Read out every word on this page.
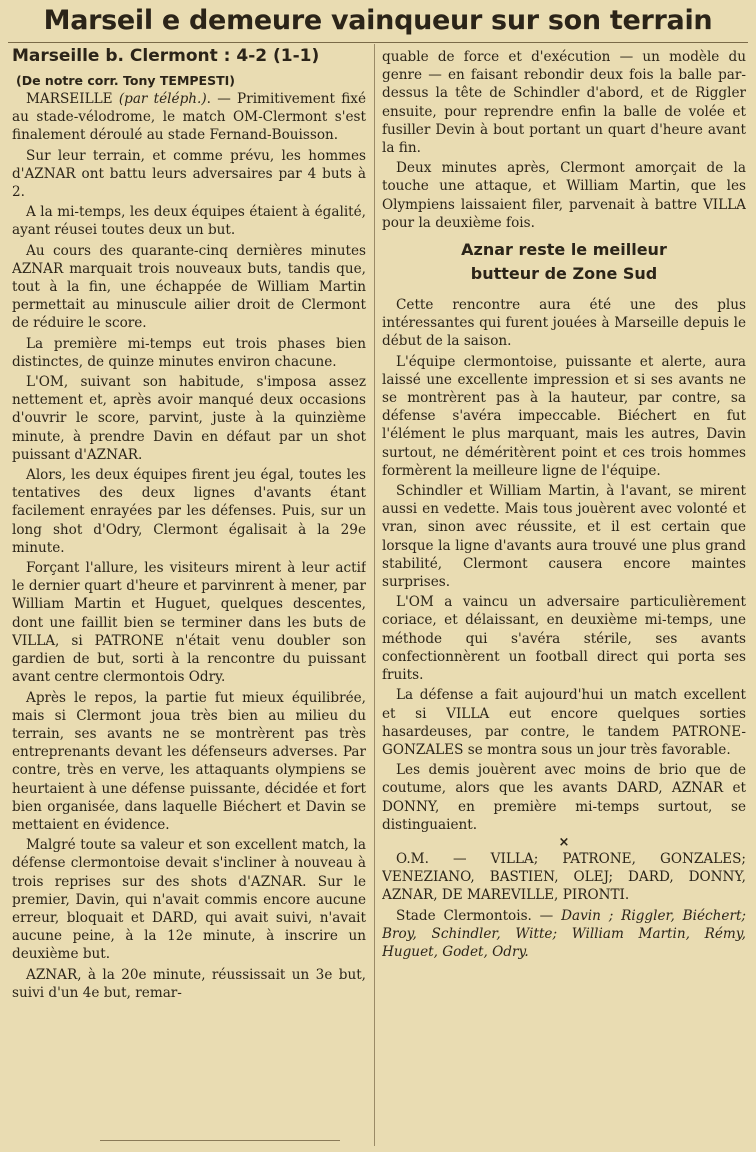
Marseil e demeure vainqueur sur son terrain
Marseille b. Clermont : 4-2 (1-1)
(De notre corr. Tony TEMPESTI)

MARSEILLE (par téléph.). — Primitivement fixé au stade-vélodrome, le match OM-Clermont s'est finalement déroulé au stade Fernand-Bouisson.

Sur leur terrain, et comme prévu, les hommes d'AZNAR ont battu leurs adversaires par 4 buts à 2.

A la mi-temps, les deux équipes étaient à égalité, ayant réusei toutes deux un but.

Au cours des quarante-cinq dernières minutes AZNAR marquait trois nouveaux buts, tandis que, tout à la fin, une échappée de William Martin permettait au minuscule ailier droit de Clermont de réduire le score.

La première mi-temps eut trois phases bien distinctes, de quinze minutes environ chacune.

L'OM, suivant son habitude, s'imposa assez nettement et, après avoir manqué deux occasions d'ouvrir le score, parvint, juste à la quinzième minute, à prendre Davin en défaut par un shot puissant d'AZNAR.

Alors, les deux équipes firent jeu égal, toutes les tentatives des deux lignes d'avants étant facilement enrayées par les défenses. Puis, sur un long shot d'Odry, Clermont égalisait à la 29e minute.

Forçant l'allure, les visiteurs mirent à leur actif le dernier quart d'heure et parvinrent à mener, par William Martin et Huguet, quelques descentes, dont une faillit bien se terminer dans les buts de VILLA, si PATRONE n'était venu doubler son gardien de but, sorti à la rencontre du puissant avant centre clermontois Odry.

Après le repos, la partie fut mieux équilibrée, mais si Clermont joua très bien au milieu du terrain, ses avants ne se montrèrent pas très entreprenants devant les défenseurs adverses. Par contre, très en verve, les attaquants olympiens se heurtaient à une défense puissante, décidée et fort bien organisée, dans laquelle Biéchert et Davin se mettaient en évidence.

Malgré toute sa valeur et son excellent match, la défense clermontoise devait s'incliner à nouveau à trois reprises sur des shots d'AZNAR. Sur le premier, Davin, qui n'avait commis encore aucune erreur, bloquait et DARD, qui avait suivi, n'avait aucune peine, à la 12e minute, à inscrire un deuxième but.

AZNAR, à la 20e minute, réussissait un 3e but, suivi d'un 4e but, remar-

quable de force et d'exécution — un modèle du genre — en faisant rebondir deux fois la balle par-dessus la tête de Schindler d'abord, et de Riggler ensuite, pour reprendre enfin la balle de volée et fusiller Devin à bout portant un quart d'heure avant la fin.

Deux minutes après, Clermont amorçait de la touche une attaque, et William Martin, que les Olympiens laissaient filer, parvenait à battre VILLA pour la deuxième fois.

Aznar reste le meilleur
butteur de Zone Sud

Cette rencontre aura été une des plus intéressantes qui furent jouées à Marseille depuis le début de la saison.

L'équipe clermontoise, puissante et alerte, aura laissé une excellente impression et si ses avants ne se montrèrent pas à la hauteur, par contre, sa défense s'avéra impeccable. Biéchert en fut l'élément le plus marquant, mais les autres, Davin surtout, ne déméritèrent point et ces trois hommes formèrent la meilleure ligne de l'équipe.

Schindler et William Martin, à l'avant, se mirent aussi en vedette. Mais tous jouèrent avec volonté et vran, sinon avec réussite, et il est certain que lorsque la ligne d'avants aura trouvé une plus grand stabilité, Clermont causera encore maintes surprises.

L'OM a vaincu un adversaire particulièrement coriace, et délaissant, en deuxième mi-temps, une méthode qui s'avéra stérile, ses avants confectionnèrent un football direct qui porta ses fruits.

La défense a fait aujourd'hui un match excellent et si VILLA eut encore quelques sorties hasardeuses, par contre, le tandem PATRONE-GONZALES se montra sous un jour très favorable.

Les demis jouèrent avec moins de brio que de coutume, alors que les avants DARD, AZNAR et DONNY, en première mi-temps surtout, se distinguaient.

×

O.M. — VILLA; PATRONE, GONZALES; VENEZIANO, BASTIEN, OLEJ; DARD, DONNY, AZNAR, DE MAREVILLE, PIRONTI.

Stade Clermontois. — Davin ; Riggler, Biéchert; Broy, Schindler, Witte; William Martin, Rémy, Huguet, Godet, Odry.
